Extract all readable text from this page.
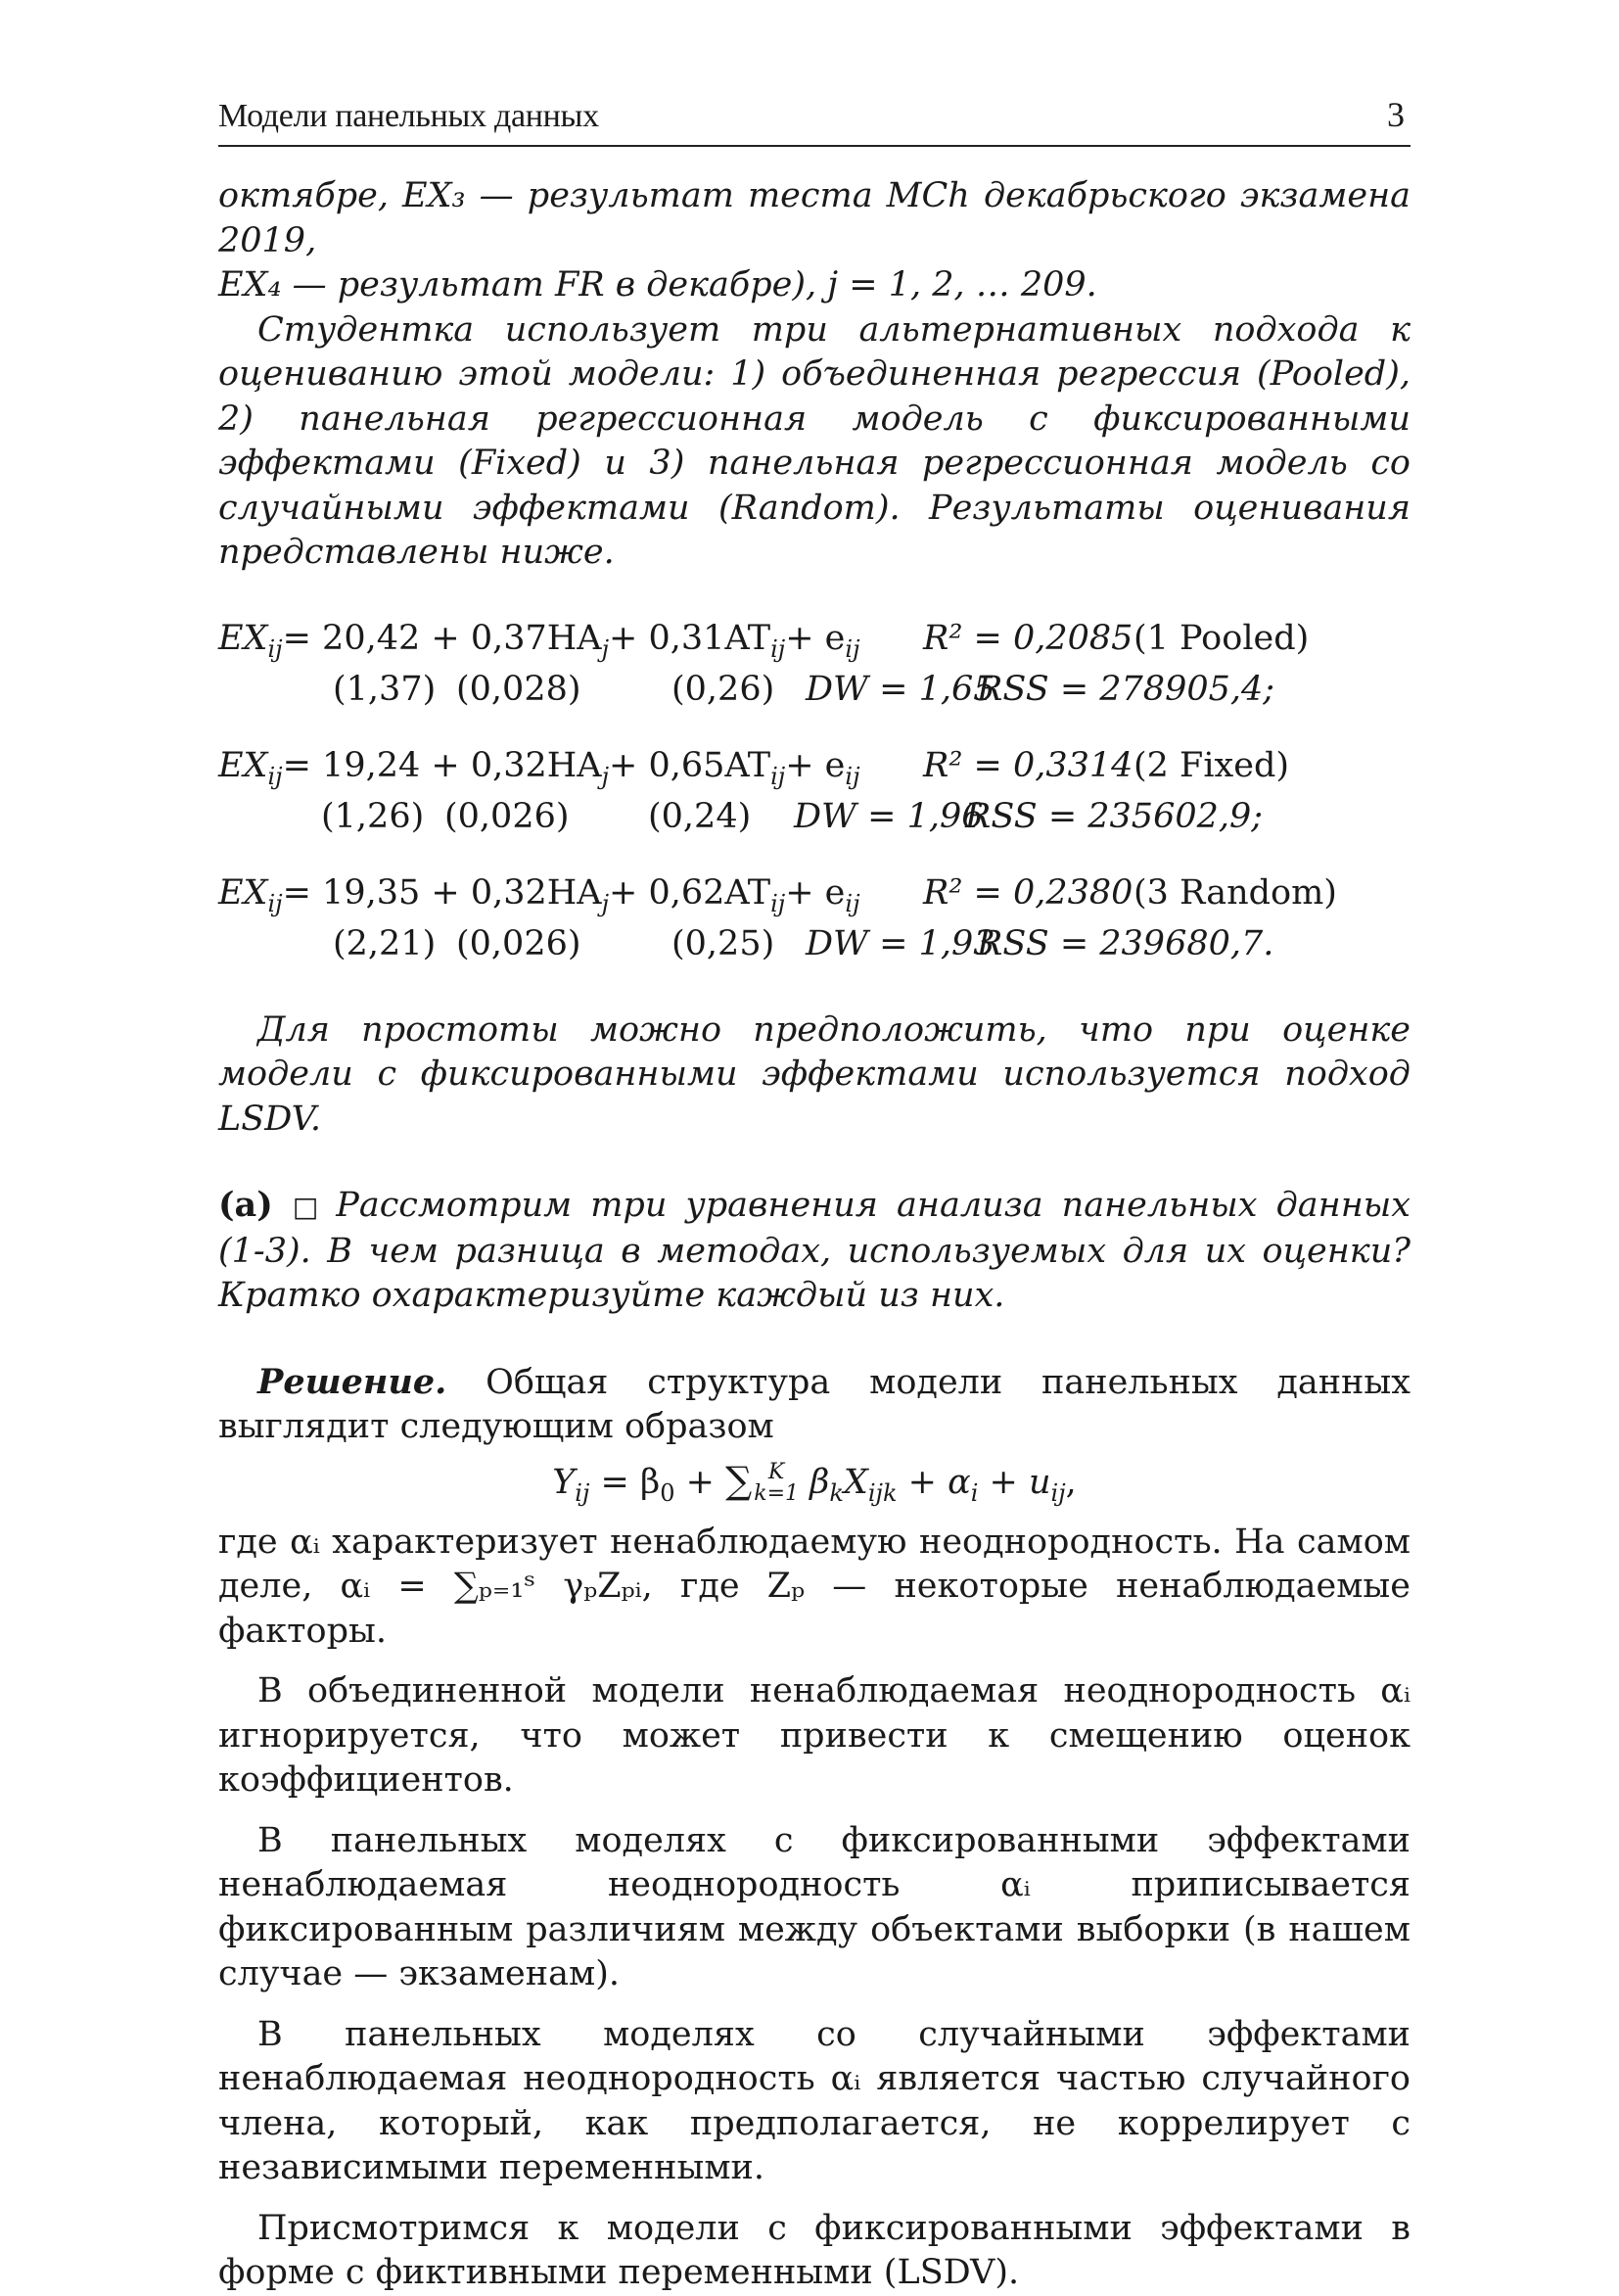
Модели панельных данных	3

октябре, EX₃ — результат теста MCh декабрьского экзамена 2019,

EX₄ — результат FR в декабре), j = 1, 2, … 209.

Студентка использует три альтернативных подхода к оцениванию этой модели: 1) объединенная регрессия (Pooled), 2) панельная регрессионная модель с фиксированными эффектами (Fixed) и 3) панельная регрессионная модель со случайными эффектами (Random). Результаты оценивания представлены ниже.

$EX_{ij}= 20,42 + 0,37HA_j+ 0,31AT_{ij}+ e_{ij}$ R² = 0,2085 (1 Pooled)
(1,37) (0,028)	(0,26) DW = 1,65
RSS = 278905,4;
$EX_{ij}= 19,24 + 0,32HA_j+ 0,65AT_{ij}+ e_{ij}$ R² = 0,3314 (2 Fixed)
(1,26) (0,026) (0,24) DW = 1,96
RSS = 235602,9;
$EX_{ij}= 19,35 + 0,32HA_j+ 0,62AT_{ij}+ e_{ij}$ R² = 0,2380 (3 Random)
(2,21) (0,026)	(0,25) DW = 1,93
RSS = 239680,7.

Для простоты можно предположить, что при оценке модели с фиксированными эффектами используется подход LSDV.

(a) □ Рассмотрим три уравнения анализа панельных данных (1-3). В чем разница в методах, используемых для их оценки? Кратко охарактеризуйте каждый из них.

Решение. Общая структура модели панельных данных выглядит следующим образом

$Y_{ij} = \beta_0$ + ∑ K
k=1 $\beta_kX_{ijk} + \alpha_i + u_{ij}$,

где αᵢ характеризует ненаблюдаемую неоднородность. На самом деле, αᵢ = ∑ₚ₌₁ˢ γₚZₚᵢ, где Zₚ — некоторые ненаблюдаемые факторы.

В объединенной модели ненаблюдаемая неоднородность αᵢ игнорируется, что может привести к смещению оценок коэффициентов.

В панельных моделях с фиксированными эффектами ненаблюдаемая неоднородность αᵢ приписывается фиксированным различиям между объектами выборки (в нашем случае — экзаменам).

В панельных моделях со случайными эффектами ненаблюдаемая неоднородность αᵢ является частью случайного члена, который, как предполагается, не коррелирует с независимыми переменными.

Присмотримся к модели с фиксированными эффектами в форме с фиктивными переменными (LSDV).
